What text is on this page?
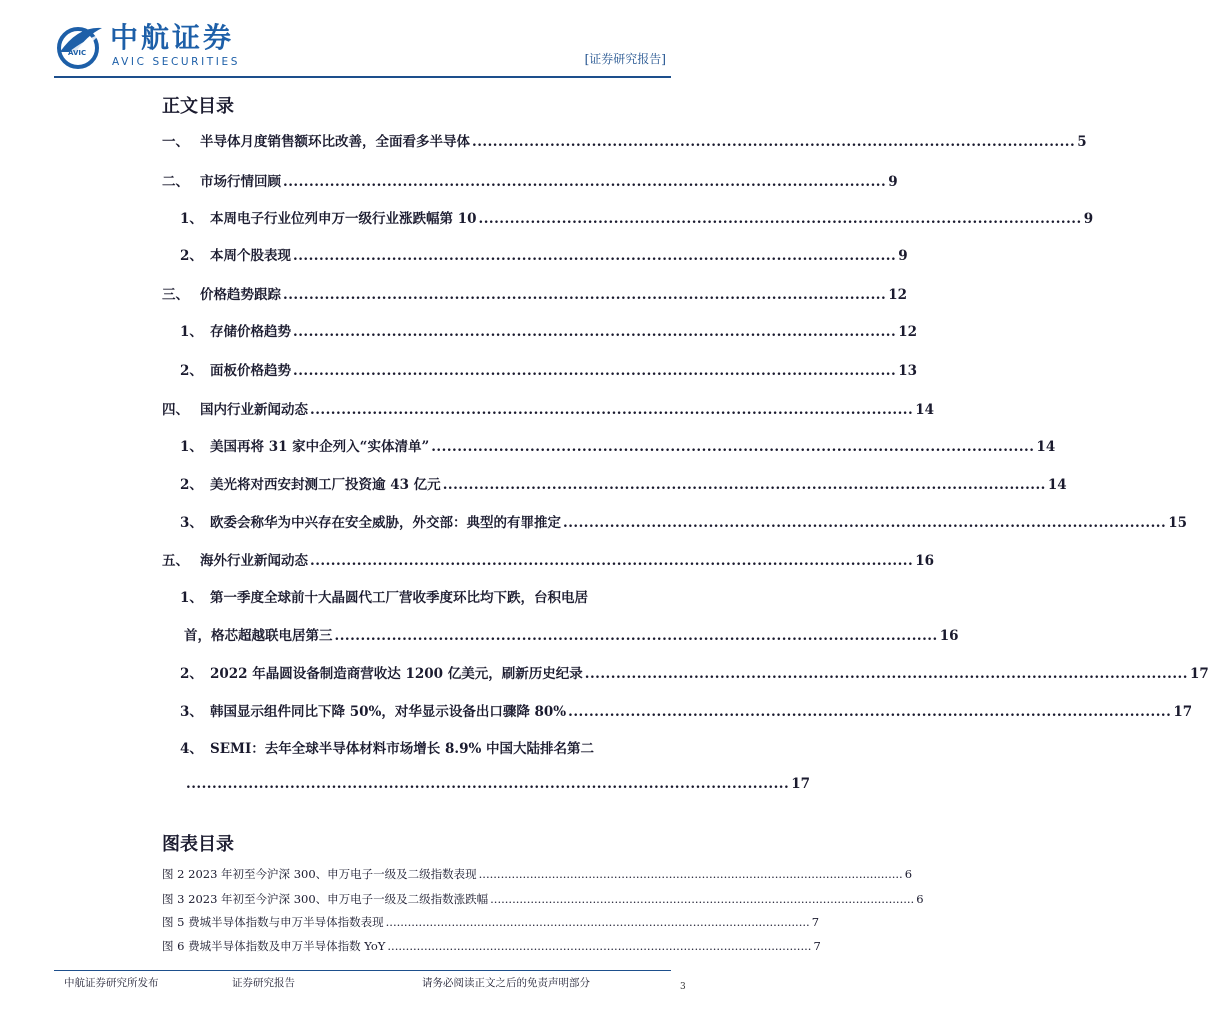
AVIC 中航证券
AVIC SECURITIES	[证券研究报告]
正文目录
一、 半导体月度销售额环比改善，全面看多半导体 .................................................................................................................... 5
二、 市场行情回顾 .................................................................................................................... 9
1、 本周电子行业位列申万一级行业涨跌幅第 10 .................................................................................................................... 9
2、 本周个股表现 .................................................................................................................... 9
三、 价格趋势跟踪 .................................................................................................................... 12
1、 存储价格趋势 .................................................................................................................... 12
2、 面板价格趋势 .................................................................................................................... 13
四、 国内行业新闻动态 .................................................................................................................... 14
1、 美国再将 31 家中企列入“实体清单” .................................................................................................................... 14
2、 美光将对西安封测工厂投资逾 43 亿元 .................................................................................................................... 14
3、 欧委会称华为中兴存在安全威胁，外交部：典型的有罪推定 .................................................................................................................... 15
五、 海外行业新闻动态 .................................................................................................................... 16
1、 第一季度全球前十大晶圆代工厂营收季度环比均下跌，台积电居
首，格芯超越联电居第三 .................................................................................................................... 16
2、 2022 年晶圆设备制造商营收达 1200 亿美元，刷新历史纪录 .................................................................................................................... 17
3、 韩国显示组件同比下降 50%，对华显示设备出口骤降 80% .................................................................................................................... 17
4、 SEMI：去年全球半导体材料市场增长 8.9% 中国大陆排名第二
.................................................................................................................... 17
图表目录
图 2 2023 年初至今沪深 300、申万电子一级及二级指数表现 .................................................................................................................... 6
图 3 2023 年初至今沪深 300、申万电子一级及二级指数涨跌幅 .................................................................................................................... 6
图 5 费城半导体指数与申万半导体指数表现 .................................................................................................................... 7
图 6 费城半导体指数及申万半导体指数 YoY .................................................................................................................... 7
中航证券研究所发布	证券研究报告	请务必阅读正文之后的免责声明部分	3
